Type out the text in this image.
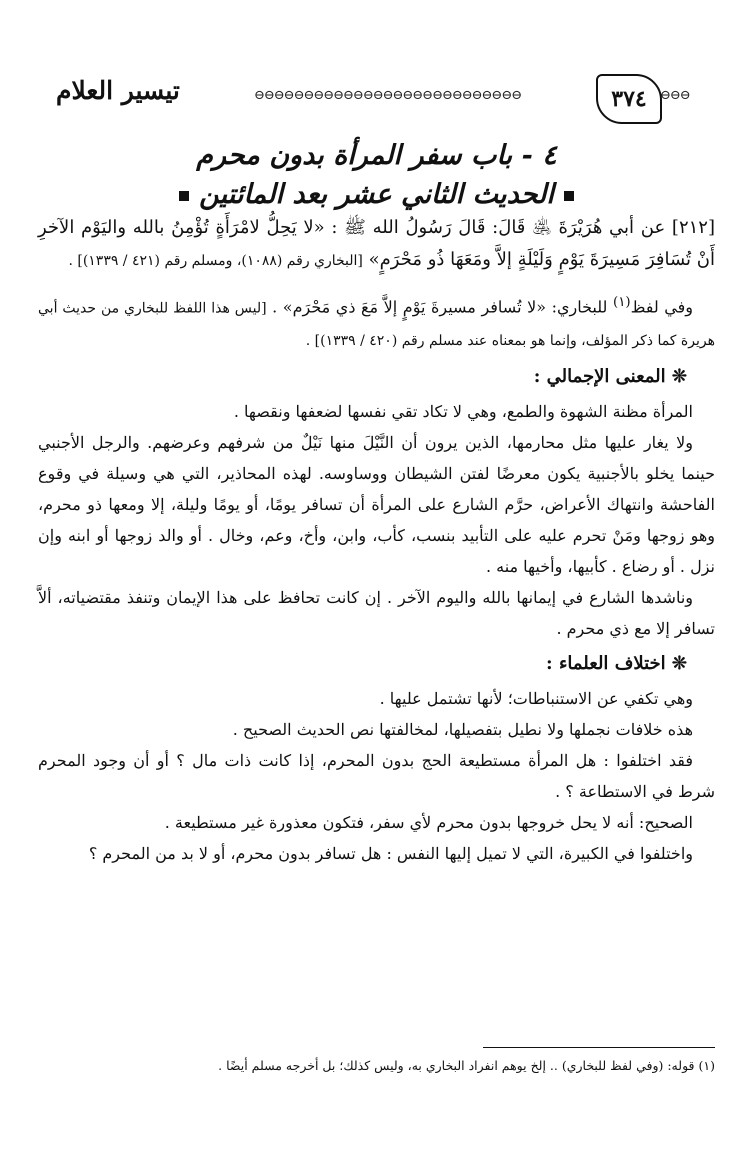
تيسير العلام	⊖⊖⊖⊖⊖⊖⊖⊖⊖⊖⊖⊖⊖⊖⊖⊖⊖⊖⊖⊖⊖⊖⊖⊖⊖⊖⊖	٣٧٤	⊖⊖⊖
٤ - باب سفر المرأة بدون محرم
الحديث الثاني عشر بعد المائتين

[٢١٢] عن أبي هُرَيْرَةَ ﵁ قَالَ: قَالَ رَسُولُ الله ﷺ : «لا يَحِلُّ لامْرَأَةٍ تُؤْمِنُ بالله واليَوْم الآخرِ أَنْ تُسَافِرَ مَسِيرَةَ يَوْمٍ وَلَيْلَةٍ إلاَّ ومَعَهَا ذُو مَحْرَمٍ» [البخاري رقم (١٠٨٨)، ومسلم رقم (٤٢١ / ١٣٣٩)] .

وفي لفظ$^{(١)}$ للبخاري: «لا تُسافر مسيرةَ يَوْمٍ إلاَّ مَعَ ذي مَحْرَم» . [ليس هذا اللفظ للبخاري من حديث أبي هريرة كما ذكر المؤلف، وإنما هو بمعناه عند مسلم رقم (٤٢٠ / ١٣٣٩)] .

❊ المعنى الإجمالي :

المرأة مظنة الشهوة والطمع، وهي لا تكاد تقي نفسها لضعفها ونقصها .

ولا يغار عليها مثل محارمها، الذين يرون أن النَّيْلَ منها نَيْلٌ من شرفهم وعرضهم. والرجل الأجنبي حينما يخلو بالأجنبية يكون معرضًا لفتن الشيطان ووساوسه. لهذه المحاذير، التي هي وسيلة في وقوع الفاحشة وانتهاك الأعراض، حرَّم الشارع على المرأة أن تسافر يومًا، أو يومًا وليلة، إلا ومعها ذو محرم، وهو زوجها ومَنْ تحرم عليه على التأبيد بنسب، كأب، وابن، وأخ، وعم، وخال . أو والد زوجها أو ابنه وإن نزل . أو رضاع . كأبيها، وأخيها منه .

وناشدها الشارع في إيمانها بالله واليوم الآخر . إن كانت تحافظ على هذا الإيمان وتنفذ مقتضياته، ألاَّ تسافر إلا مع ذي محرم .

❊ اختلاف العلماء :

وهي تكفي عن الاستنباطات؛ لأنها تشتمل عليها .

هذه خلافات نجملها ولا نطيل بتفصيلها، لمخالفتها نص الحديث الصحيح .

فقد اختلفوا : هل المرأة مستطيعة الحج بدون المحرم، إذا كانت ذات مال ؟ أو أن وجود المحرم شرط في الاستطاعة ؟ .

الصحيح: أنه لا يحل خروجها بدون محرم لأي سفر، فتكون معذورة غير مستطيعة .

واختلفوا في الكبيرة، التي لا تميل إليها النفس : هل تسافر بدون محرم، أو لا بد من المحرم ؟

(١) قوله: (وفي لفظ للبخاري) .. إلخ يوهم انفراد البخاري به، وليس كذلك؛ بل أخرجه مسلم أيضًا .
